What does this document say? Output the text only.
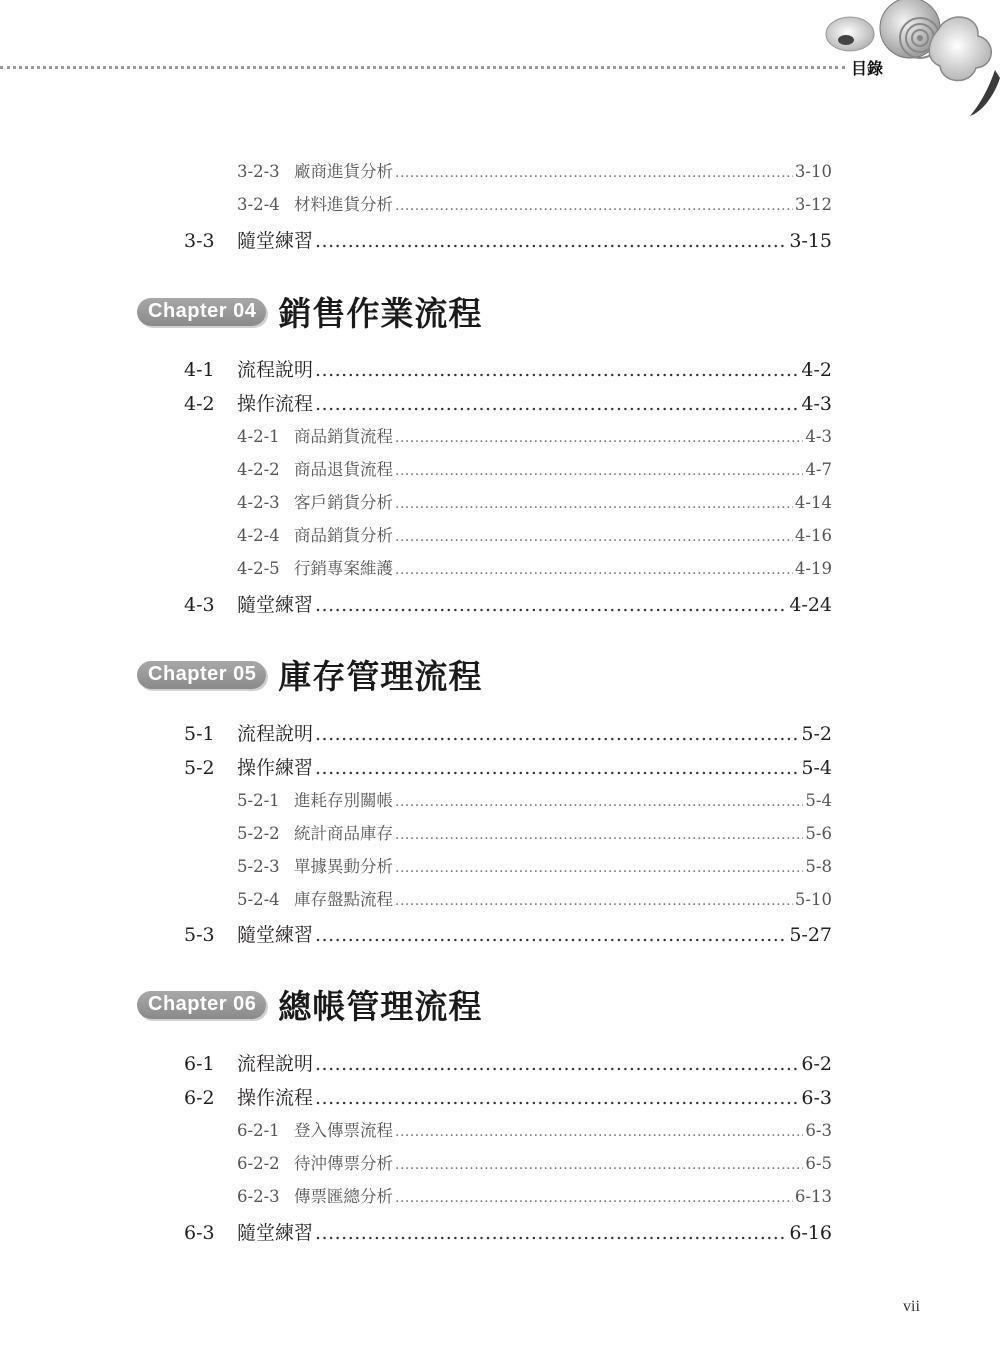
目錄
3-2-3 廠商進貨分析 .....	3-10
3-2-4 材料進貨分析 .....	3-12
3-3	隨堂練習 .....	3-15
Chapter 04 銷售作業流程
4-1	流程說明 .....	4-2
4-2	操作流程 .....	4-3
4-2-1 商品銷貨流程 .....	4-3
4-2-2 商品退貨流程 .....	4-7
4-2-3 客戶銷貨分析 .....	4-14
4-2-4 商品銷貨分析 .....	4-16
4-2-5 行銷專案維護 .....	4-19
4-3	隨堂練習 .....	4-24
Chapter 05 庫存管理流程
5-1	流程說明 .....	5-2
5-2	操作練習 .....	5-4
5-2-1 進耗存別關帳 .....	5-4
5-2-2 統計商品庫存 .....	5-6
5-2-3 單據異動分析 .....	5-8
5-2-4 庫存盤點流程 .....	5-10
5-3	隨堂練習 .....	5-27
Chapter 06 總帳管理流程
6-1	流程說明 .....	6-2
6-2	操作流程 .....	6-3
6-2-1 登入傳票流程 .....	6-3
6-2-2 待沖傳票分析 .....	6-5
6-2-3 傳票匯總分析 .....	6-13
6-3	隨堂練習 .....	6-16
vii
